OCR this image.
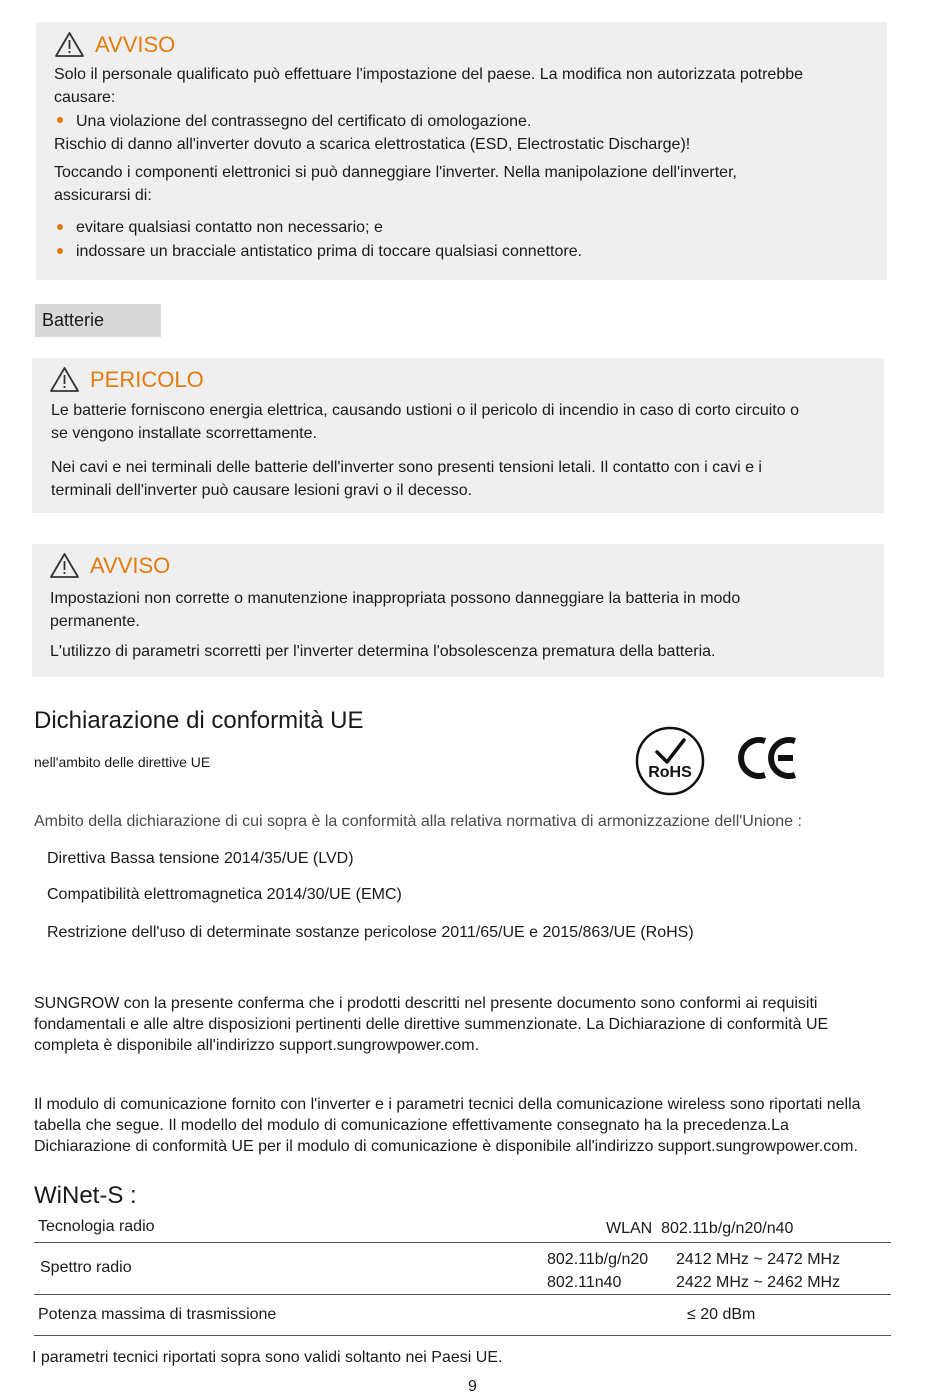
AVVISO
Solo il personale qualificato può effettuare l'impostazione del paese. La modifica non autorizzata potrebbe
causare:
Una violazione del contrassegno del certificato di omologazione.
Rischio di danno all'inverter dovuto a scarica elettrostatica (ESD, Electrostatic Discharge)!
Toccando i componenti elettronici si può danneggiare l'inverter. Nella manipolazione dell'inverter,
assicurarsi di:
evitare qualsiasi contatto non necessario; e
indossare un bracciale antistatico prima di toccare qualsiasi connettore.
Batterie
PERICOLO
Le batterie forniscono energia elettrica, causando ustioni o il pericolo di incendio in caso di corto circuito o
se vengono installate scorrettamente.
Nei cavi e nei terminali delle batterie dell'inverter sono presenti tensioni letali. Il contatto con i cavi e i
terminali dell'inverter può causare lesioni gravi o il decesso.
AVVISO
Impostazioni non corrette o manutenzione inappropriata possono danneggiare la batteria in modo
permanente.
L'utilizzo di parametri scorretti per l'inverter determina l'obsolescenza prematura della batteria.
Dichiarazione di conformità UE
nell'ambito delle direttive UE
RoHS
Ambito della dichiarazione di cui sopra è la conformità alla relativa normativa di armonizzazione dell'Unione :
Direttiva Bassa tensione 2014/35/UE (LVD)
Compatibilità elettromagnetica 2014/30/UE (EMC)
Restrizione dell'uso di determinate sostanze pericolose 2011/65/UE e 2015/863/UE (RoHS)
SUNGROW con la presente conferma che i prodotti descritti nel presente documento sono conformi ai requisiti
fondamentali e alle altre disposizioni pertinenti delle direttive summenzionate. La Dichiarazione di conformità UE
completa è disponibile all'indirizzo support.sungrowpower.com.
Il modulo di comunicazione fornito con l'inverter e i parametri tecnici della comunicazione wireless sono riportati nella
tabella che segue. Il modello del modulo di comunicazione effettivamente consegnato ha la precedenza.La
Dichiarazione di conformità UE per il modulo di comunicazione è disponibile all'indirizzo support.sungrowpower.com.
WiNet-S :
Tecnologia radio	WLAN  802.11b/g/n20/n40
Spettro radio	802.11b/g/n20 2412 MHz ~ 2472 MHz
802.11n40	2422 MHz ~ 2462 MHz
Potenza massima di trasmissione	≤ 20 dBm
I parametri tecnici riportati sopra sono validi soltanto nei Paesi UE.
9
